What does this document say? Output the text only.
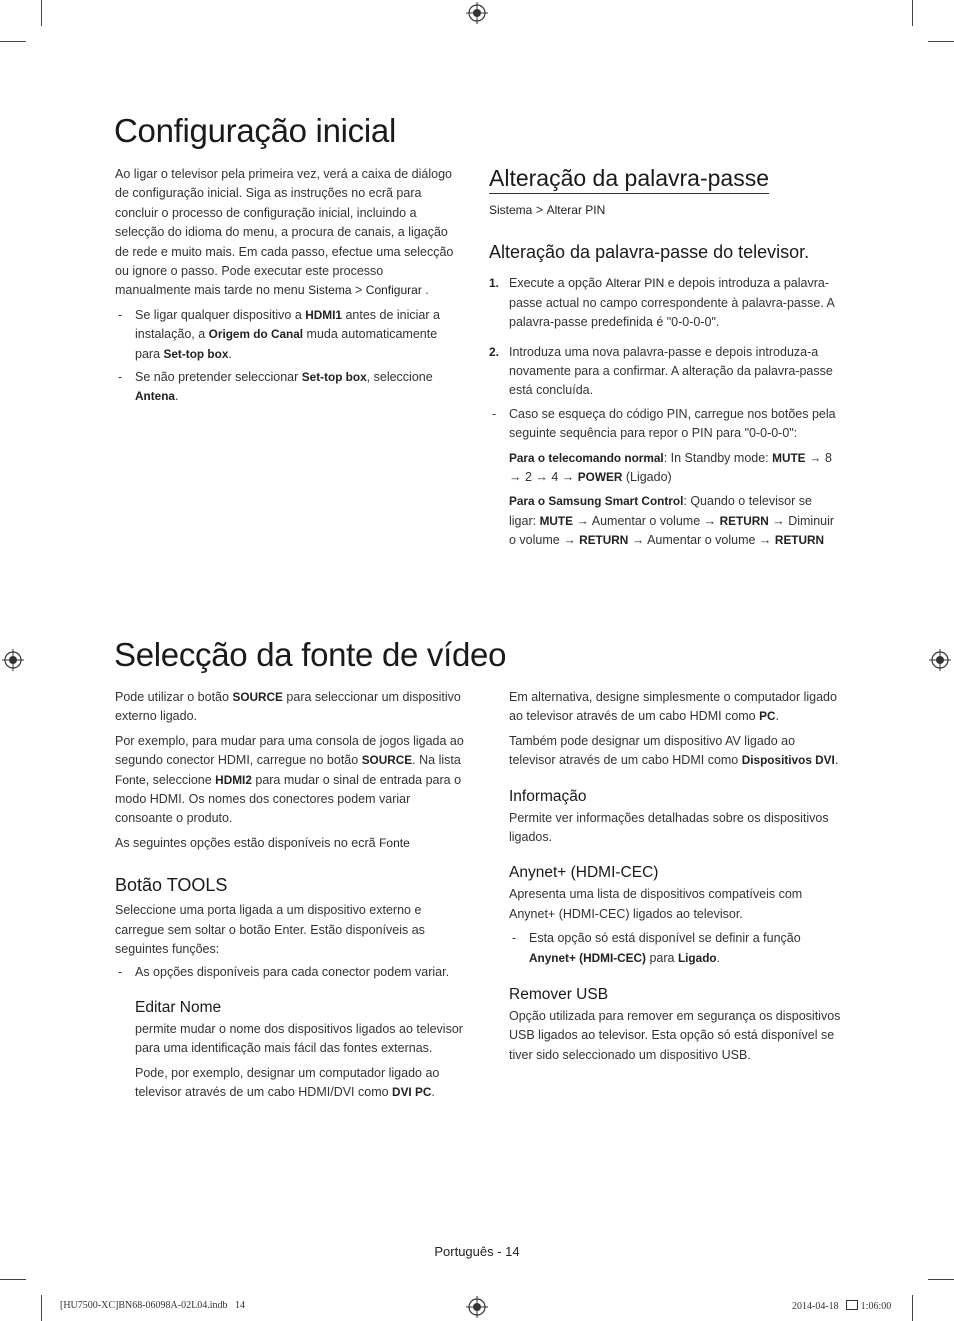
Configuração inicial

Ao ligar o televisor pela primeira vez, verá a caixa de diálogo de configuração inicial. Siga as instruções no ecrã para concluir o processo de configuração inicial, incluindo a selecção do idioma do menu, a procura de canais, a ligação de rede e muito mais. Em cada passo, efectue uma selecção ou ignore o passo. Pode executar este processo manualmente mais tarde no menu Sistema > Configurar .

- Se ligar qualquer dispositivo a HDMI1 antes de iniciar a instalação, a Origem do Canal muda automaticamente para Set-top box.
- Se não pretender seleccionar Set-top box, seleccione Antena.
Alteração da palavra-passe

Sistema > Alterar PIN

Alteração da palavra-passe do televisor.
1. Execute a opção Alterar PIN e depois introduza a palavra-passe actual no campo correspondente à palavra-passe. A palavra-passe predefinida é "0-0-0-0".
2. Introduza uma nova palavra-passe e depois introduza-a novamente para a confirmar. A alteração da palavra-passe está concluída.
- Caso se esqueça do código PIN, carregue nos botões pela seguinte sequência para repor o PIN para "0-0-0-0":
Para o telecomando normal: In Standby mode: MUTE → 8 → 2 → 4 → POWER (Ligado)
Para o Samsung Smart Control: Quando o televisor se ligar: MUTE → Aumentar o volume → RETURN → Diminuir o volume → RETURN → Aumentar o volume → RETURN
Selecção da fonte de vídeo

Pode utilizar o botão SOURCE para seleccionar um dispositivo externo ligado.

Por exemplo, para mudar para uma consola de jogos ligada ao segundo conector HDMI, carregue no botão SOURCE. Na lista Fonte, seleccione HDMI2 para mudar o sinal de entrada para o modo HDMI. Os nomes dos conectores podem variar consoante o produto.

As seguintes opções estão disponíveis no ecrã Fonte

Botão TOOLS

Seleccione uma porta ligada a um dispositivo externo e carregue sem soltar o botão Enter. Estão disponíveis as seguintes funções:

- As opções disponíveis para cada conector podem variar.
Editar Nome

permite mudar o nome dos dispositivos ligados ao televisor para uma identificação mais fácil das fontes externas.

Pode, por exemplo, designar um computador ligado ao televisor através de um cabo HDMI/DVI como DVI PC.

Em alternativa, designe simplesmente o computador ligado ao televisor através de um cabo HDMI como PC.

Também pode designar um dispositivo AV ligado ao televisor através de um cabo HDMI como Dispositivos DVI.

Informação

Permite ver informações detalhadas sobre os dispositivos ligados.

Anynet+ (HDMI-CEC)

Apresenta uma lista de dispositivos compatíveis com Anynet+ (HDMI-CEC) ligados ao televisor.

- Esta opção só está disponível se definir a função Anynet+ (HDMI-CEC) para Ligado.
Remover USB

Opção utilizada para remover em segurança os dispositivos USB ligados ao televisor. Esta opção só está disponível se tiver sido seleccionado um dispositivo USB.

Português - 14
[HU7500-XC]BN68-06098A-02L04.indb   14	2014-04-18    1:06:00
